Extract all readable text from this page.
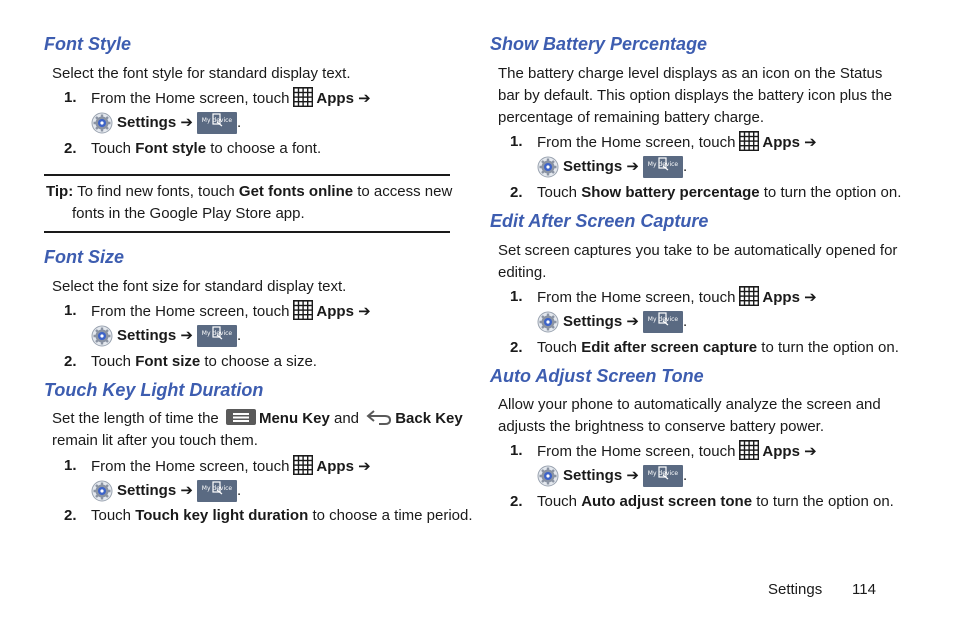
Font Style

Select the font style for standard display text.

1. From the Home screen, touch Apps ➔
Settings
➔	My device .
2. Touch Font style to choose a font.

Tip: To find new fonts, touch Get fonts online to access new

fonts in the Google Play Store app.

Font Size

Select the font size for standard display text.

1. From the Home screen, touch Apps ➔
Settings
➔	My device .
2. Touch Font size to choose a size.
Touch Key Light Duration

Set the length of time the	Menu Key and Back Key

remain lit after you touch them.

1. From the Home screen, touch Apps ➔
Settings
➔	My device .
2. Touch Touch key light duration to choose a time period.
Show Battery Percentage

The battery charge level displays as an icon on the Status

bar by default. This option displays the battery icon plus the

percentage of remaining battery charge.

1. From the Home screen, touch Apps ➔
Settings
➔	My device .
2. Touch Show battery percentage to turn the option on.
Edit After Screen Capture

Set screen captures you take to be automatically opened for

editing.

1. From the Home screen, touch Apps ➔
Settings
➔	My device .
2. Touch Edit after screen capture to turn the option on.
Auto Adjust Screen Tone

Allow your phone to automatically analyze the screen and

adjusts the brightness to conserve battery power.

1. From the Home screen, touch Apps ➔
Settings
➔	My device .
2. Touch Auto adjust screen tone to turn the option on.
Settings 114
